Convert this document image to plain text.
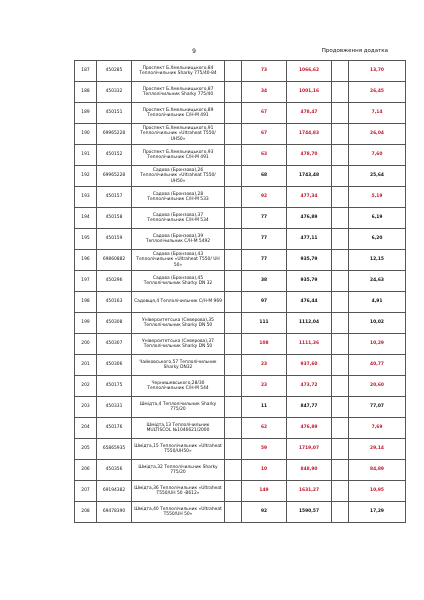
9	Продовження додатка
187	450285	Проспект Б.Хмельницького,84 Теплолічильник Sharky 775/40-84		73	1066,62		13,70
188	450332	Проспект Б.Хмельницького,87 Теплолічильник Sharky 775/40		34	1001,16		26,45
189	450151	Проспект Б.Хмельницького,89 Теплолічильник С/Н-М 491		67	478,47		7,14
190	69965228	Проспект Б.Хмельницького,91 Теплолічильник «Ultraheat T550/ UH50»		67	1744,83		26,04
191	450152	Проспект Б.Хмельницького,93 Теплолічильник С/Н-М 491		63	478,70		7,60
192	69965228	Садова (Бронзова),26 Теплолічильник «Ultraheat T550/ UH50»		68	1743,48		25,64
193	450157	Садова (Бронзова),28 Теплолічильник С/Н-М 533		92	477,34		5,19
194	450158	Садова (Бронзова),37 Теплолічильник С/Н-М 534		77	476,89		6,19
195	450159	Садова (Бронзова),39 Теплолічильник С/Н-М 5492		77	477,11		6,20
196	69860882	Садова (Бронзова),43 Теплолічильник «Ultraheat T550/ UH 50»		77	935,79		12,15
197	450296	Садова (Бронзова),45 Теплолічильник Sharky DN 32		38	935,79		24,63
198	450163	Садовщя,4 Теплолічильник С/Н-М 969		97	476,44		4,91
199	450308	Університетська (Северова),35 Теплолічильник Sharky DN 50		111	1112,04		10,02
200	450307	Університетська (Северова),37 Теплолічильник Sharky DN 50		108	1111,36		10,29
201	450306	Чайковського,57 Теплолічильник Sharky DN32		23	937,60		40,77
202	450175	Чернишевського,28/30 Теплолічильник С/Н-М 544		23	473,72		20,60
203	450331	Шмідта,4 Теплолічильник Sharky 775/20		11	847,77		77,07
204	450176	Шмідта,13 Теплолічильник MULTISCOL №1046621/2000		62	476,89		7,69
205	65865935	Шмідта,15 Теплолічильник «Ultraheat T550/UH50»		59	1719,07		29,14
206	450356	Шмідта,32 Теплолічильник Sharky 775/20		10	848,90		84,89
207	69194382	Шмідта,36 Теплолічильник «Ultraheat T550/UH 50 -B612»		149	1631,27		10,95
208	69478390	Шмідта,40 Теплолічильник «Ultraheat T550/UH 50»		92	1590,57		17,29
